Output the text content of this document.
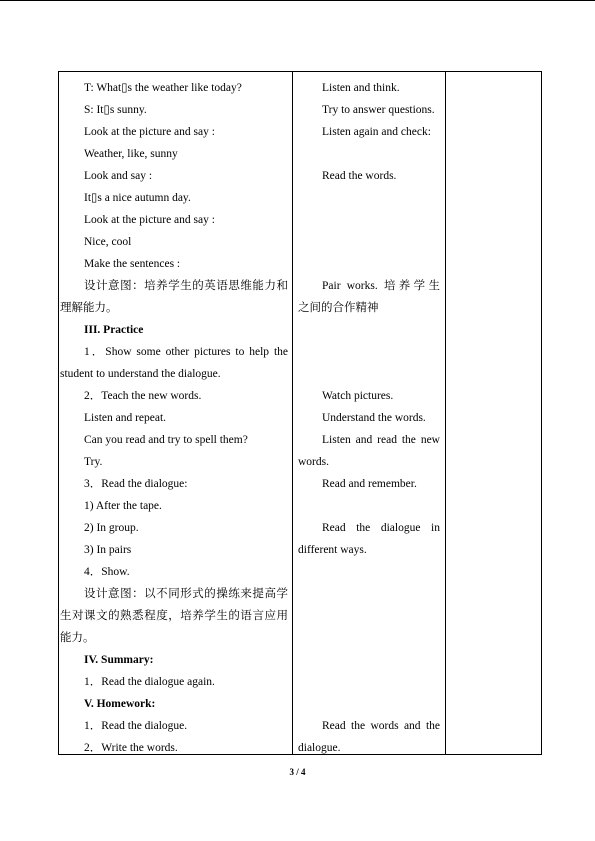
T: What▯s the weather like today?
S: It▯s sunny.
Look at the picture and say :
Weather, like, sunny
Look and say :
It▯s a nice autumn day.
Look at the picture and say :
Nice, cool
Make the sentences :
设计意图：培养学生的英语思维能力和
理解能力。
III. Practice
1．Show some other pictures to help the
student to understand the dialogue.
2．Teach the new words.
Listen and repeat.
Can you read and try to spell them?
Try.
3．Read the dialogue:
1) After the tape.
2) In group.
3) In pairs
4．Show.
设计意图：以不同形式的操练来提高学
生对课文的熟悉程度，培养学生的语言应用
能力。
IV. Summary:
1．Read the dialogue again.
V. Homework:
1．Read the dialogue.
2．Write the words.
Listen and think.
Try to answer questions.
Listen again and check:
Read the words.
Pair works. 培养学生
之间的合作精神
Watch pictures.
Understand the words.
Listen and read the new
words.
Read and remember.
Read the dialogue in
different ways.
Read the words and the
dialogue.
3 / 4
